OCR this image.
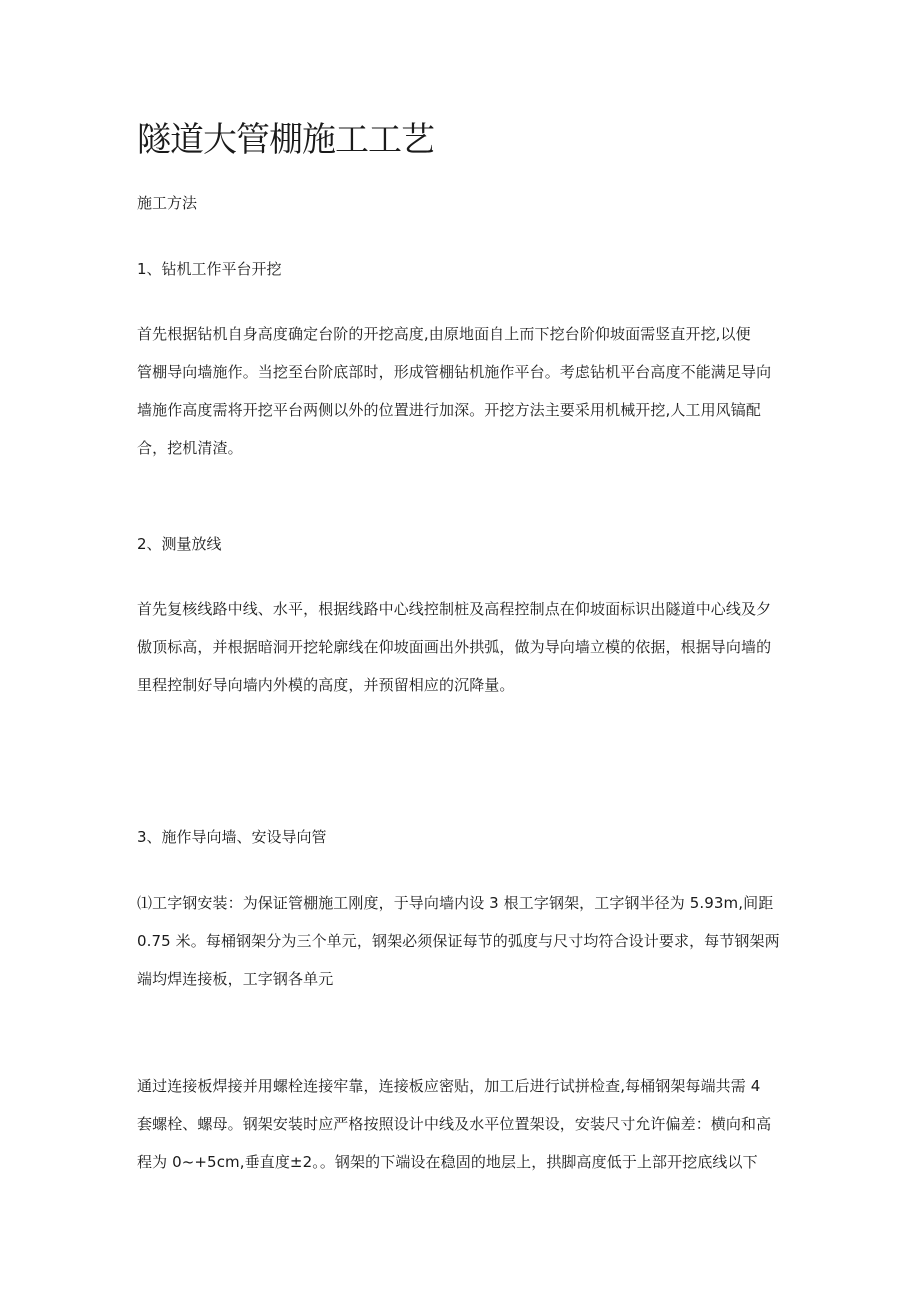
隧道大管棚施工工艺

施工方法

1、钻机工作平台开挖

首先根据钻机自身高度确定台阶的开挖高度,由原地面自上而下挖台阶仰坡面需竖直开挖,以便
管棚导向墙施作。当挖至台阶底部时，形成管棚钻机施作平台。考虑钻机平台高度不能满足导向
墙施作高度需将开挖平台两侧以外的位置进行加深。开挖方法主要采用机械开挖,人工用风镐配
合，挖机清渣。

2、测量放线

首先复核线路中线、水平，根据线路中心线控制桩及高程控制点在仰坡面标识出隧道中心线及夕
傲顶标高，并根据暗洞开挖轮廓线在仰坡面画出外拱弧，做为导向墙立模的依据，根据导向墙的
里程控制好导向墙内外模的高度，并预留相应的沉降量。

3、施作导向墙、安设导向管

⑴工字钢安装：为保证管棚施工刚度，于导向墙内设 3 根工字钢架，工字钢半径为 5.93m,间距
0.75 米。每桶钢架分为三个单元，钢架必须保证每节的弧度与尺寸均符合设计要求，每节钢架两
端均焊连接板，工字钢各单元
通过连接板焊接并用螺栓连接牢靠，连接板应密贴，加工后进行试拼检查,每桶钢架每端共需 4
套螺栓、螺母。钢架安装时应严格按照设计中线及水平位置架设，安装尺寸允许偏差：横向和高
程为 0~+5cm,垂直度±2。。钢架的下端设在稳固的地层上，拱脚高度低于上部开挖底线以下
